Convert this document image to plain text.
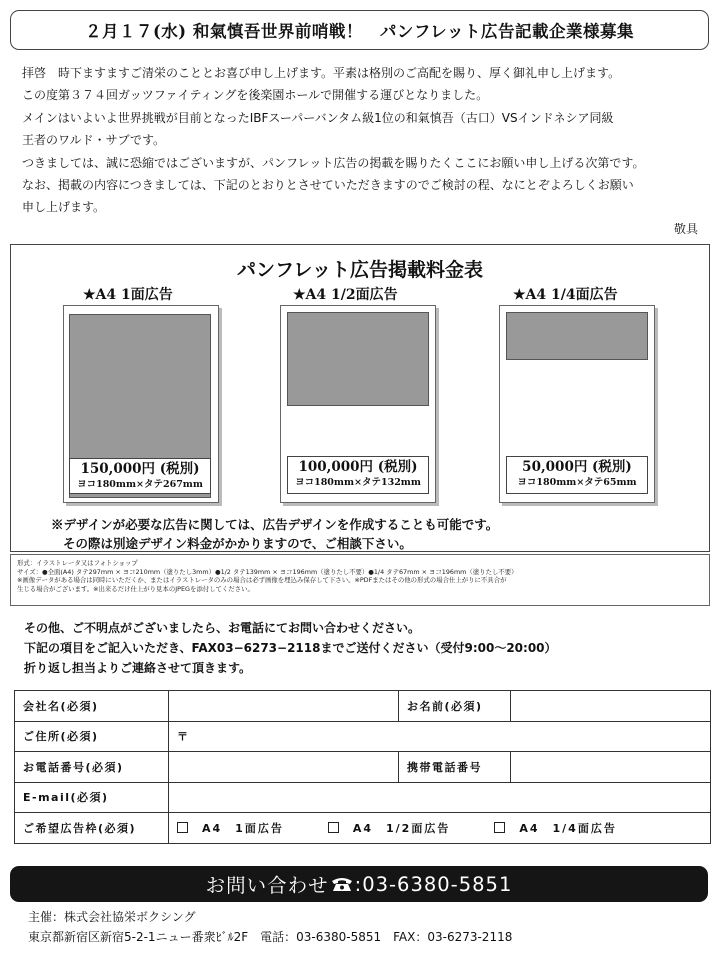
２月１７(水) 和氣慎吾世界前哨戦！　パンフレット広告記載企業様募集
拝啓　時下ますますご清栄のこととお喜び申し上げます。平素は格別のご高配を賜り、厚く御礼申し上げます。
この度第３７４回ガッツファイティングを後楽園ホールで開催する運びとなりました。
メインはいよいよ世界挑戦が目前となったIBFスーパーバンタム級1位の和氣慎吾（古口）VSインドネシア同級
王者のワルド・サブです。
つきましては、誠に恐縮ではございますが、パンフレット広告の掲載を賜りたくここにお願い申し上げる次第です。
なお、掲載の内容につきましては、下記のとおりとさせていただきますのでご検討の程、なにとぞよろしくお願い
申し上げます。
敬具
パンフレット広告掲載料金表
★A4 1面広告
150,000円 (税別)
ヨコ180mm×タテ267mm
★A4 1/2面広告
100,000円 (税別)
ヨコ180mm×タテ132mm
★A4 1/4面広告
50,000円 (税別)
ヨコ180mm×タテ65mm
※デザインが必要な広告に関しては、広告デザインを作成することも可能です。
その際は別途デザイン料金がかかりますので、ご相談下さい。
形式：イラストレータ又はフォトショップ
サイズ：●全面(A4) タテ297mm × ヨコ210mm（塗りたし3mm）●1/2 タテ139mm × ヨコ196mm（塗りたし不要）●1/4 タテ67mm × ヨコ196mm（塗りたし不要）
※画像データがある場合は同時にいただくか、またはイラストレータのみの場合は必ず画像を埋込み保存して下さい。※PDFまたはその他の形式の場合仕上がりに不具合が
生じる場合がございます。※出来るだけ仕上がり見本のJPEGを添付してください。
その他、ご不明点がございましたら、お電話にてお問い合わせください。
下記の項目をご記入いただき、FAX03−6273−2118までご送付ください（受付9:00〜20:00）
折り返し担当よりご連絡させて頂きます。
会社名(必須)		お名前(必須)	
ご住所(必須)	〒		
お電話番号(必須)		携帯電話番号	
E-mail(必須)			
ご希望広告枠(必須)	A4　1面広告 A4　1/2面広告 A4　1/4面広告		
お問い合わせ :03-6380-5851
主催：株式会社協栄ボクシング
東京都新宿区新宿5-2-1ニュー番衆ﾋﾞﾙ2F　電話：03-6380-5851　FAX：03-6273-2118
